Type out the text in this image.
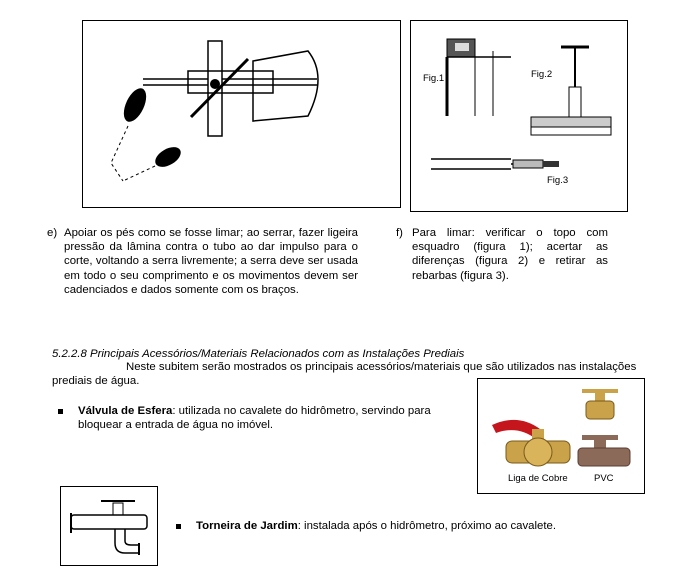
Fig.1	Fig.2
Fig.3
e) Apoiar os pés como se fosse limar; ao serrar, fazer ligeira pressão da lâmina contra o tubo ao dar impulso para o corte, voltando a serra livremente; a serra deve ser usada em todo o seu comprimento e os movimentos devem ser cadenciados e dados somente com os braços.

f) Para limar: verificar o topo com esquadro (figura 1); acertar as diferenças (figura 2) e retirar as rebarbas (figura 3).

5.2.2.8 Principais Acessórios/Materiais Relacionados com as Instalações Prediais

Neste subitem serão mostrados os principais acessórios/materiais que são utilizados nas instalações prediais de água.

Válvula de Esfera: utilizada no cavalete do hidrômetro, servindo para bloquear a entrada de água no imóvel.

Liga de Cobre	PVC

Torneira de Jardim: instalada após o hidrômetro, próximo ao cavalete.
